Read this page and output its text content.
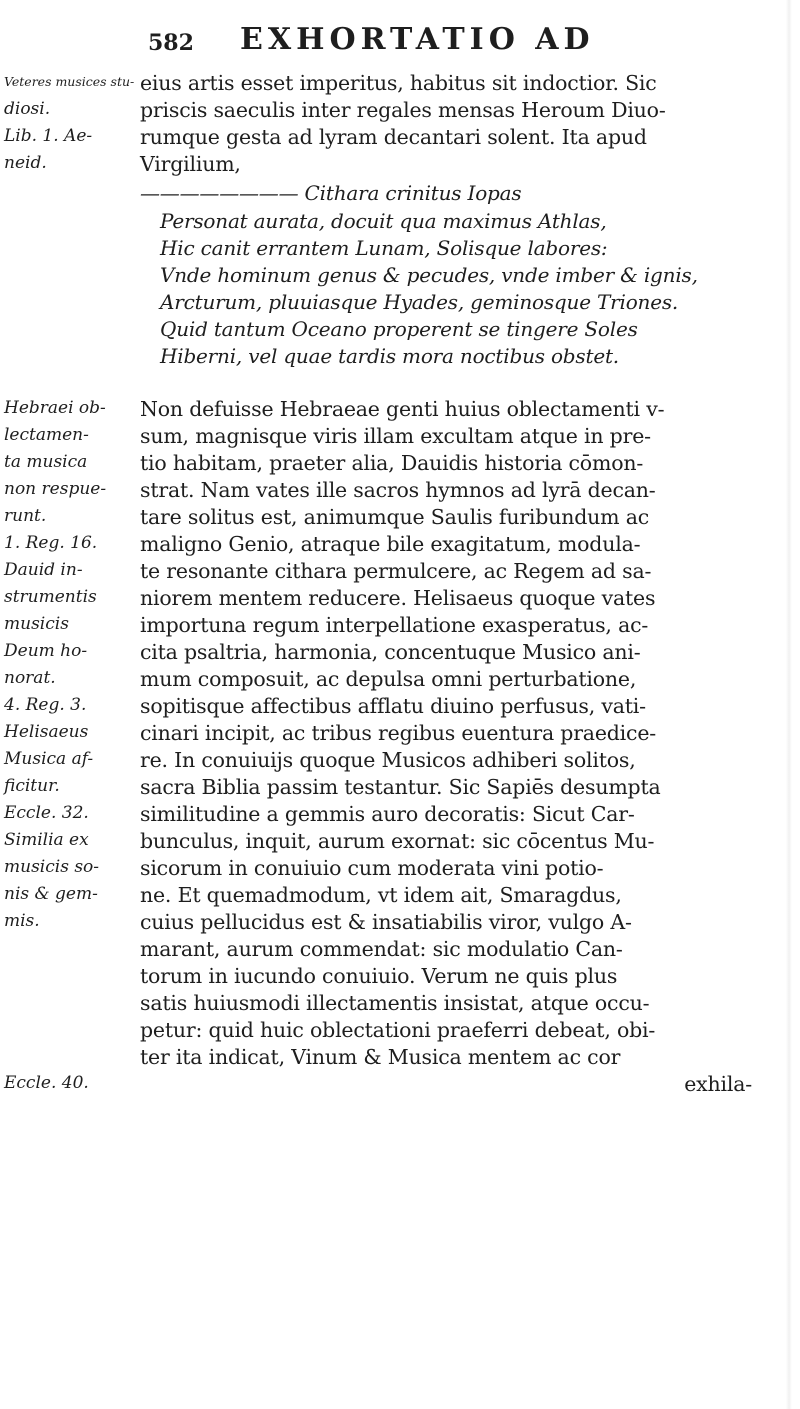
582 EXHORTATIO AD
Veteres musices stu-
diosi.
Lib. 1. Ae-
neid.
Hebraei ob-
lectamen-
ta musica
non respue-
runt.
1. Reg. 16.
Dauid in-
strumentis
musicis
Deum ho-
norat.
4. Reg. 3.
Helisaeus
Musica af-
ficitur.
Eccle. 32.
Similia ex
musicis so-
nis & gem-
mis.
Eccle. 40.
eius artis esset imperitus, habitus sit indoctior. Sic
priscis saeculis inter regales mensas Heroum Diuo-
rumque gesta ad lyram decantari solent. Ita apud
Virgilium,
———————— Cithara crinitus Iopas
Personat aurata, docuit qua maximus Athlas,
Hic canit errantem Lunam, Solisque labores:
Vnde hominum genus & pecudes, vnde imber & ignis,
Arcturum, pluuiasque Hyades, geminosque Triones.
Quid tantum Oceano properent se tingere Soles
Hiberni, vel quae tardis mora noctibus obstet.
Non defuisse Hebraeae genti huius oblectamenti v-
sum, magnisque viris illam excultam atque in pre-
tio habitam, praeter alia, Dauidis historia cōmon-
strat. Nam vates ille sacros hymnos ad lyrā decan-
tare solitus est, animumque Saulis furibundum ac
maligno Genio, atraque bile exagitatum, modula-
te resonante cithara permulcere, ac Regem ad sa-
niorem mentem reducere. Helisaeus quoque vates
importuna regum interpellatione exasperatus, ac-
cita psaltria, harmonia, concentuque Musico ani-
mum composuit, ac depulsa omni perturbatione,
sopitisque affectibus afflatu diuino perfusus, vati-
cinari incipit, ac tribus regibus euentura praedice-
re. In conuiuijs quoque Musicos adhiberi solitos,
sacra Biblia passim testantur. Sic Sapiēs desumpta
similitudine a gemmis auro decoratis: Sicut Car-
bunculus, inquit, aurum exornat: sic cōcentus Mu-
sicorum in conuiuio cum moderata vini potio-
ne. Et quemadmodum, vt idem ait, Smaragdus,
cuius pellucidus est & insatiabilis viror, vulgo A-
marant, aurum commendat: sic modulatio Can-
torum in iucundo conuiuio. Verum ne quis plus
satis huiusmodi illectamentis insistat, atque occu-
petur: quid huic oblectationi praeferri debeat, obi-
ter ita indicat, Vinum & Musica mentem ac cor
exhila-
